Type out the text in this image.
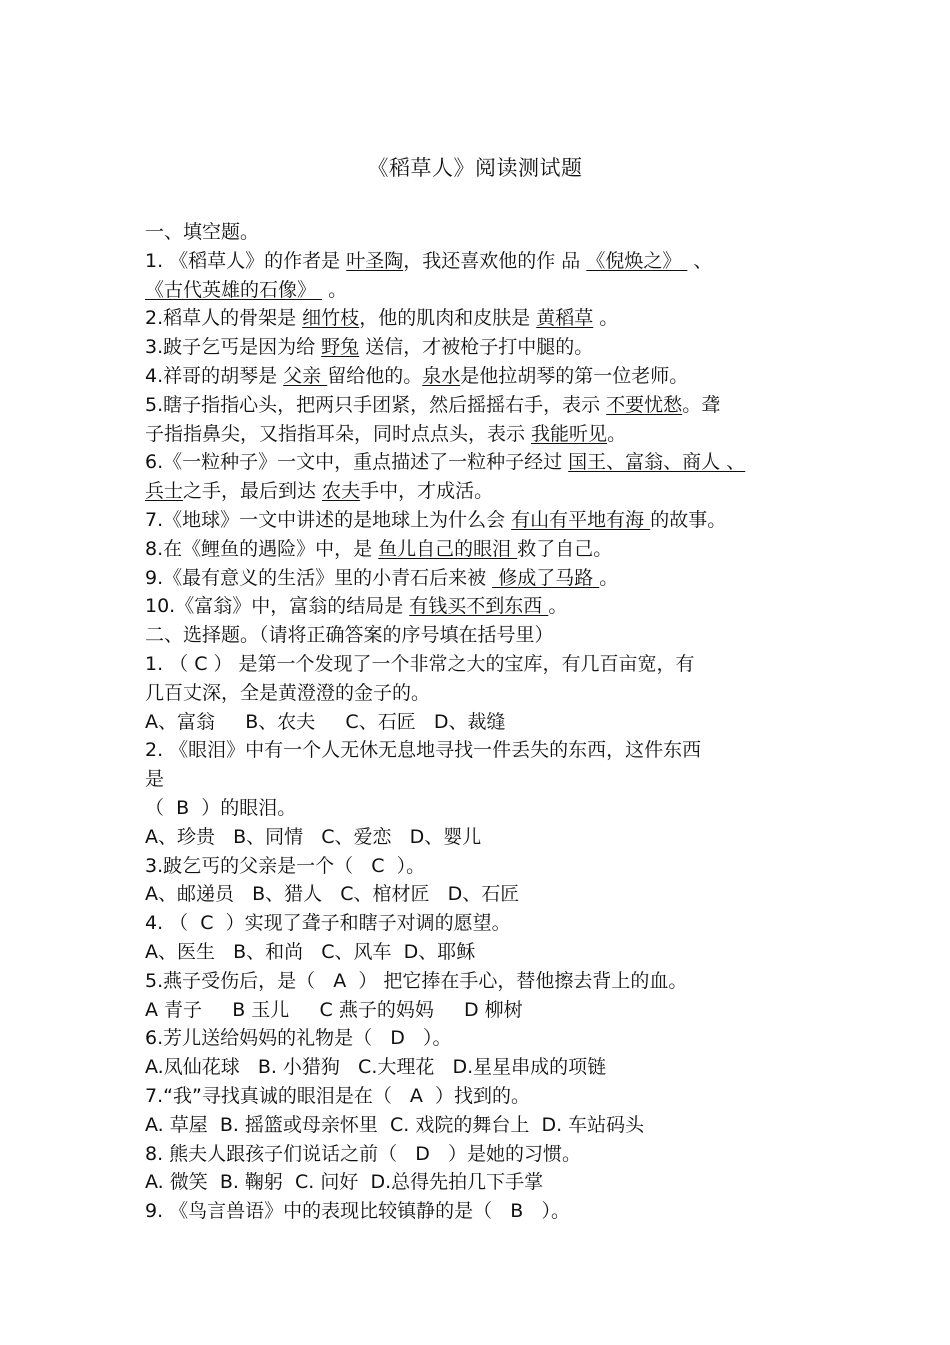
《稻草人》阅读测试题
一、填空题。
1. 《稻草人》的作者是 叶圣陶，我还喜欢他的作 品 《倪焕之》  、
《古代英雄的石像》  。
2.稻草人的骨架是 细竹枝，他的肌肉和皮肤是 黄稻草 。
3.跛子乞丐是因为给 野兔 送信，才被枪子打中腿的。
4.祥哥的胡琴是 父亲 留给他的。泉水是他拉胡琴的第一位老师。
5.瞎子指指心头，把两只手团紧，然后摇摇右手，表示 不要忧愁。聋
子指指鼻尖，又指指耳朵，同时点点头，表示 我能听见。
6.《一粒种子》一文中，重点描述了一粒种子经过 国王、富翁、商人 、
兵士之手，最后到达 农夫手中，才成活。
7.《地球》一文中讲述的是地球上为什么会 有山有平地有海 的故事。
8.在《鲤鱼的遇险》中，是 鱼儿自己的眼泪 救了自己。
9.《最有意义的生活》里的小青石后来被  修成了马路 。
10.《富翁》中，富翁的结局是 有钱买不到东西 。
二、选择题。（请将正确答案的序号填在括号里）
1. （ C ） 是第一个发现了一个非常之大的宝库，有几百亩宽，有
几百丈深，全是黄澄澄的金子的。
A、富翁     B、农夫     C、石匠   D、裁缝
2. 《眼泪》中有一个人无休无息地寻找一件丢失的东西，这件东西
是
（  B  ）的眼泪。
A、珍贵   B、同情   C、爱恋   D、婴儿
3.跛乞丐的父亲是一个（   C  ）。
A、邮递员   B、猎人   C、棺材匠   D、石匠
4. （  C  ）实现了聋子和瞎子对调的愿望。
A、医生   B、和尚   C、风车  D、耶稣
5.燕子受伤后，是（   A  ） 把它捧在手心，替他擦去背上的血。
A 青子     B 玉儿     C 燕子的妈妈     D 柳树
6.芳儿送给妈妈的礼物是（   D   ）。
A.凤仙花球   B. 小猎狗   C.大理花   D.星星串成的项链
7.“我”寻找真诚的眼泪是在（   A  ）找到的。
A. 草屋  B. 摇篮或母亲怀里  C. 戏院的舞台上  D. 车站码头
8. 熊夫人跟孩子们说话之前（   D   ）是她的习惯。
A. 微笑  B. 鞠躬  C. 问好  D.总得先拍几下手掌
9. 《鸟言兽语》中的表现比较镇静的是（   B   ）。
